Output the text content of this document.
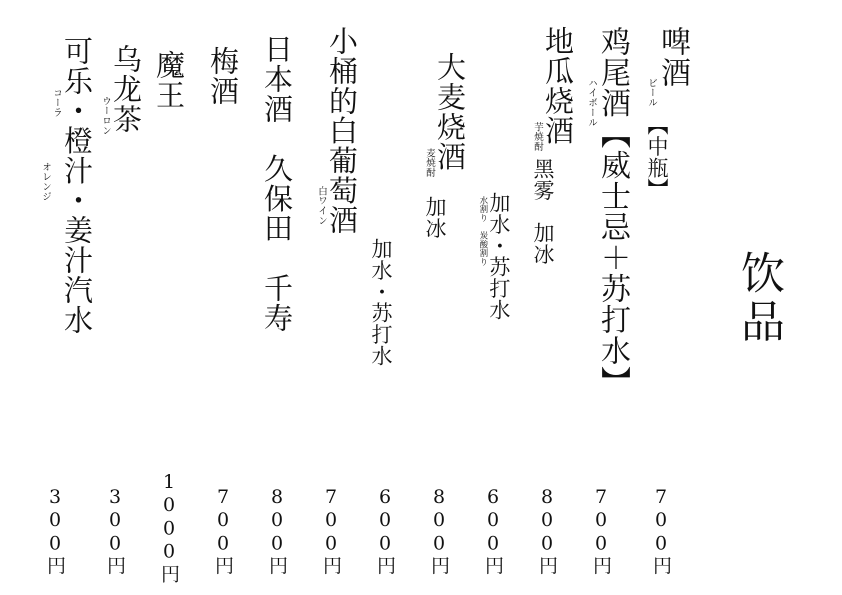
饮品
啤酒
ビール
【中瓶】
700円
鸡尾酒【威士忌＋苏打水】
ハイボール
700円
地瓜烧酒
芋焼酎
黑雾　加冰
800円
加水・苏打水
水割り　炭酸割り
600円
大麦烧酒
麦焼酎
加冰
800円
加水・苏打水
600円
小桶的白葡萄酒
白ワイン
700円
日本酒　久保田　千寿
800円
梅酒
700円
魔王
1000円
乌龙茶
ウーロン
300円
可乐・橙汁・姜汁汽水
コーラ
オレンジ
300円
